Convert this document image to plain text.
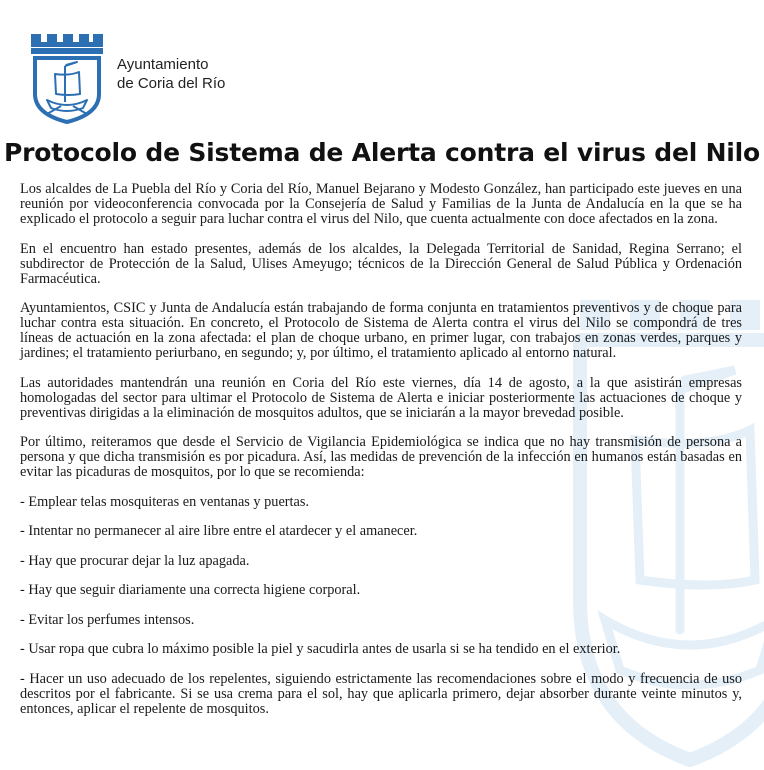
Ayuntamiento
de Coria del Río
Protocolo de Sistema de Alerta contra el virus del Nilo

Los alcaldes de La Puebla del Río y Coria del Río, Manuel Bejarano y Modesto González, han participado este jueves en una reunión por videoconferencia convocada por la Consejería de Salud y Familias de la Junta de Andalucía en la que se ha explicado el protocolo a seguir para luchar contra el virus del Nilo, que cuenta actualmente con doce afectados en la zona.

En el encuentro han estado presentes, además de los alcaldes, la Delegada Territorial de Sanidad, Regina Serrano; el subdirector de Protección de la Salud, Ulises Ameyugo; técnicos de la Dirección General de Salud Pública y Ordenación Farmacéutica.

Ayuntamientos, CSIC y Junta de Andalucía están trabajando de forma conjunta en tratamientos preventivos y de choque para luchar contra esta situación. En concreto, el Protocolo de Sistema de Alerta contra el virus del Nilo se compondrá de tres líneas de actuación en la zona afectada: el plan de choque urbano, en primer lugar, con trabajos en zonas verdes, parques y jardines; el tratamiento periurbano, en segundo; y, por último, el tratamiento aplicado al entorno natural.

Las autoridades mantendrán una reunión en Coria del Río este viernes, día 14 de agosto, a la que asistirán empresas homologadas del sector para ultimar el Protocolo de Sistema de Alerta e iniciar posteriormente las actuaciones de choque y preventivas dirigidas a la eliminación de mosquitos adultos, que se iniciarán a la mayor brevedad posible.

Por último, reiteramos que desde el Servicio de Vigilancia Epidemiológica se indica que no hay transmisión de persona a persona y que dicha transmisión es por picadura. Así, las medidas de prevención de la infección en humanos están basadas en evitar las picaduras de mosquitos, por lo que se recomienda:

- Emplear telas mosquiteras en ventanas y puertas.

- Intentar no permanecer al aire libre entre el atardecer y el amanecer.

- Hay que procurar dejar la luz apagada.

- Hay que seguir diariamente una correcta higiene corporal.

- Evitar los perfumes intensos.

- Usar ropa que cubra lo máximo posible la piel y sacudirla antes de usarla si se ha tendido en el exterior.

- Hacer un uso adecuado de los repelentes, siguiendo estrictamente las recomendaciones sobre el modo y frecuencia de uso descritos por el fabricante. Si se usa crema para el sol, hay que aplicarla primero, dejar absorber durante veinte minutos y, entonces, aplicar el repelente de mosquitos.
